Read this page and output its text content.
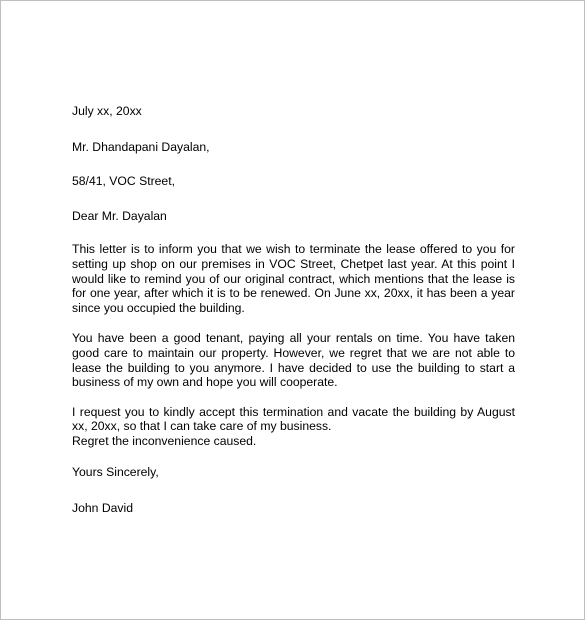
July xx, 20xx

Mr. Dhandapani Dayalan,

58/41, VOC Street,

Dear Mr. Dayalan

This letter is to inform you that we wish to terminate the lease offered to you for setting up shop on our premises in VOC Street, Chetpet last year. At this point I would like to remind you of our original contract, which mentions that the lease is for one year, after which it is to be renewed. On June xx, 20xx, it has been a year since you occupied the building.

You have been a good tenant, paying all your rentals on time. You have taken good care to maintain our property. However, we regret that we are not able to lease the building to you anymore. I have decided to use the building to start a business of my own and hope you will cooperate.

I request you to kindly accept this termination and vacate the building by August xx, 20xx, so that I can take care of my business.

Regret the inconvenience caused.

Yours Sincerely,

John David
